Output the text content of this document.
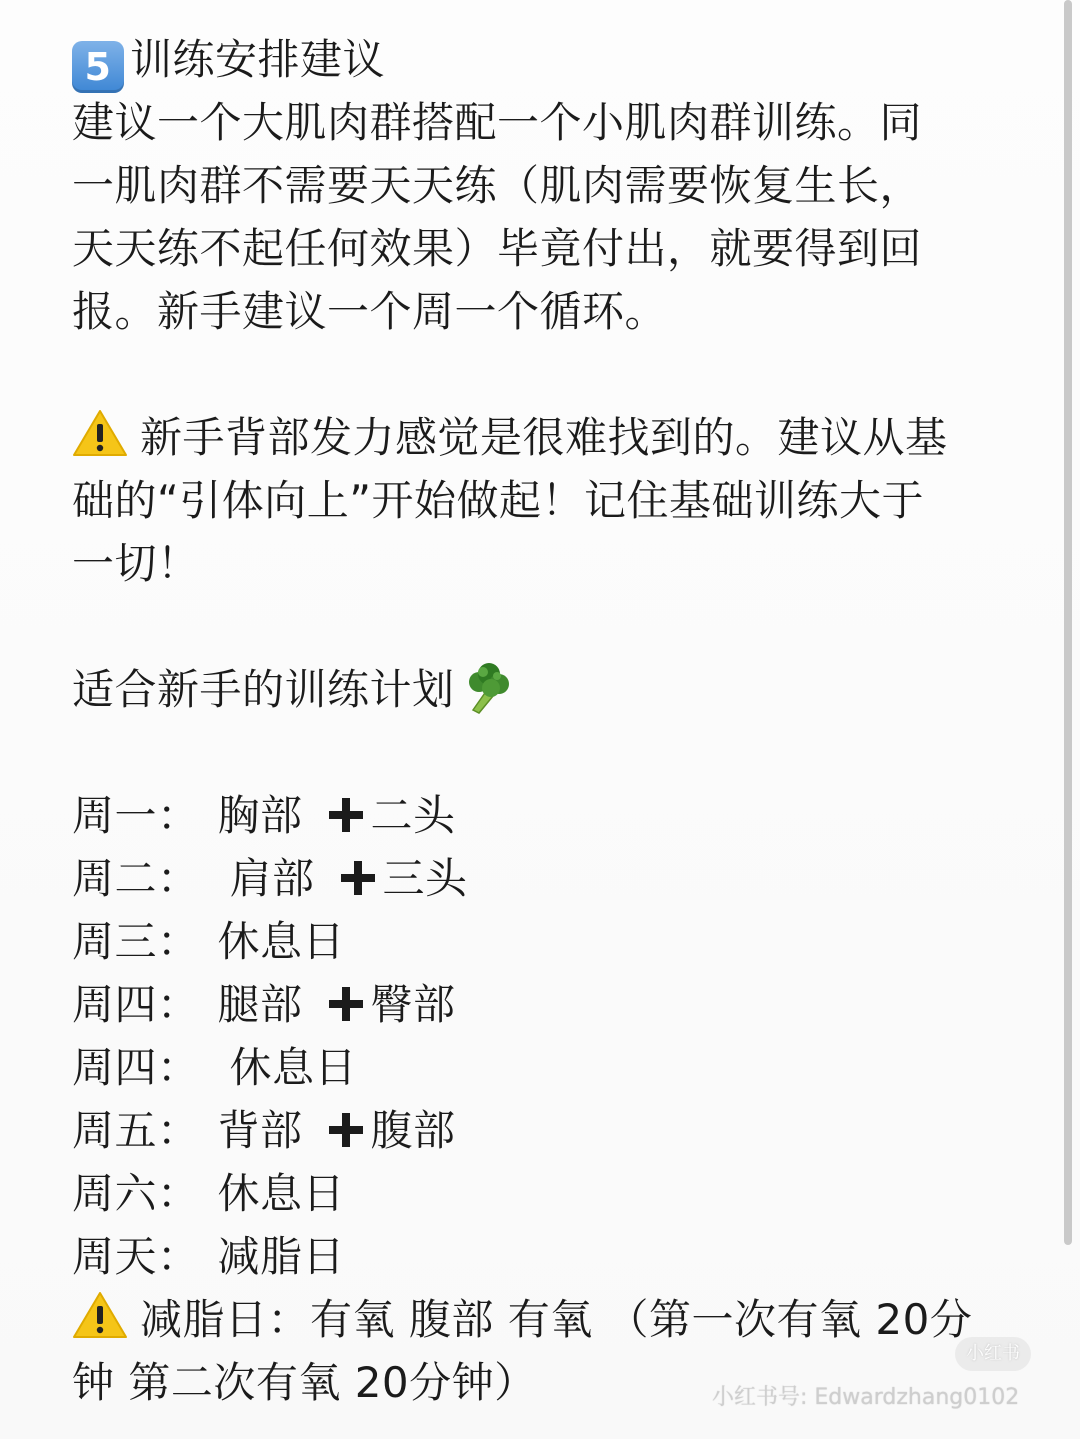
5 训练安排建议
建议一个大肌肉群搭配一个小肌肉群训练。同
一肌肉群不需要天天练（肌肉需要恢复生长，
天天练不起任何效果）毕竟付出，就要得到回
报。新手建议一个周一个循环。
新手背部发力感觉是很难找到的。建议从基
础的“引体向上”开始做起！记住基础训练大于
一切！
适合新手的训练计划
周一： 胸部 二头
周二： 肩部 三头
周三： 休息日
周四： 腿部 臀部
周四： 休息日
周五： 背部 腹部
周六： 休息日
周天： 减脂日
减脂日：有氧 腹部 有氧 （第一次有氧 20分
钟 第二次有氧 20分钟）
小红书
小红书号: Edwardzhang0102
